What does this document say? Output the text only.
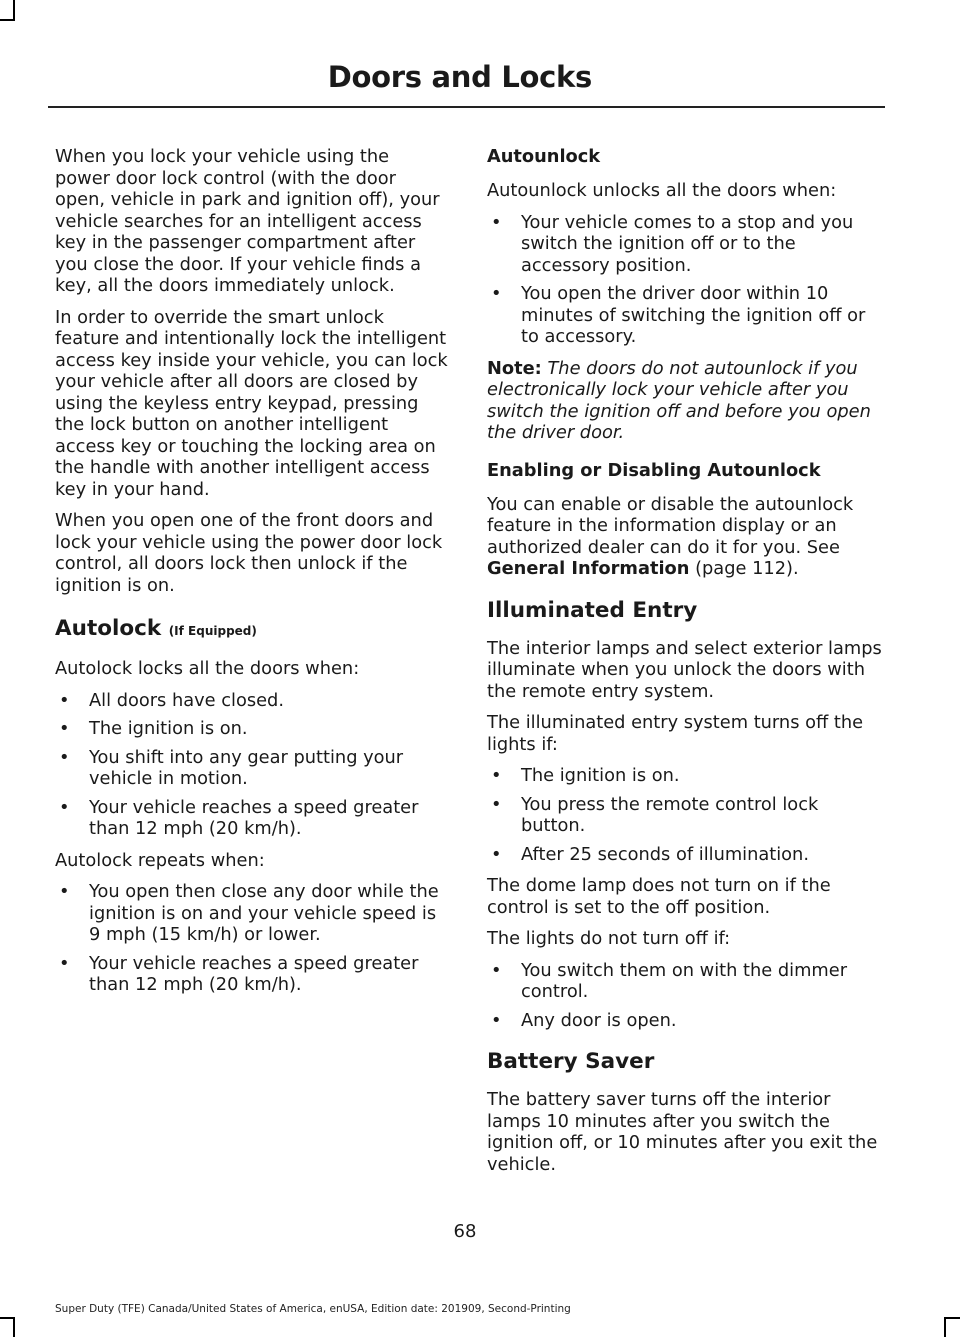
Doors and Locks

When you lock your vehicle using the power door lock control (with the door open, vehicle in park and ignition off), your vehicle searches for an intelligent access key in the passenger compartment after you close the door. If your vehicle finds a key, all the doors immediately unlock.

In order to override the smart unlock feature and intentionally lock the intelligent access key inside your vehicle, you can lock your vehicle after all doors are closed by using the keyless entry keypad, pressing the lock button on another intelligent access key or touching the locking area on the handle with another intelligent access key in your hand.

When you open one of the front doors and lock your vehicle using the power door lock control, all doors lock then unlock if the ignition is on.

Autolock (If Equipped)

Autolock locks all the doors when:

• All doors have closed.
• The ignition is on.
• You shift into any gear putting your vehicle in motion.
• Your vehicle reaches a speed greater than 12 mph (20 km/h).

Autolock repeats when:

• You open then close any door while the ignition is on and your vehicle speed is 9 mph (15 km/h) or lower.
• Your vehicle reaches a speed greater than 12 mph (20 km/h).
Autounlock

Autounlock unlocks all the doors when:

• Your vehicle comes to a stop and you switch the ignition off or to the accessory position.
• You open the driver door within 10 minutes of switching the ignition off or to accessory.

Note: The doors do not autounlock if you electronically lock your vehicle after you switch the ignition off and before you open the driver door.

Enabling or Disabling Autounlock

You can enable or disable the autounlock feature in the information display or an authorized dealer can do it for you. See General Information (page 112).

Illuminated Entry

The interior lamps and select exterior lamps illuminate when you unlock the doors with the remote entry system.

The illuminated entry system turns off the lights if:

• The ignition is on.
• You press the remote control lock button.
• After 25 seconds of illumination.

The dome lamp does not turn on if the control is set to the off position.

The lights do not turn off if:

• You switch them on with the dimmer control.
• Any door is open.
Battery Saver

The battery saver turns off the interior lamps 10 minutes after you switch the ignition off, or 10 minutes after you exit the vehicle.

68
Super Duty (TFE) Canada/United States of America, enUSA, Edition date: 201909, Second-Printing
